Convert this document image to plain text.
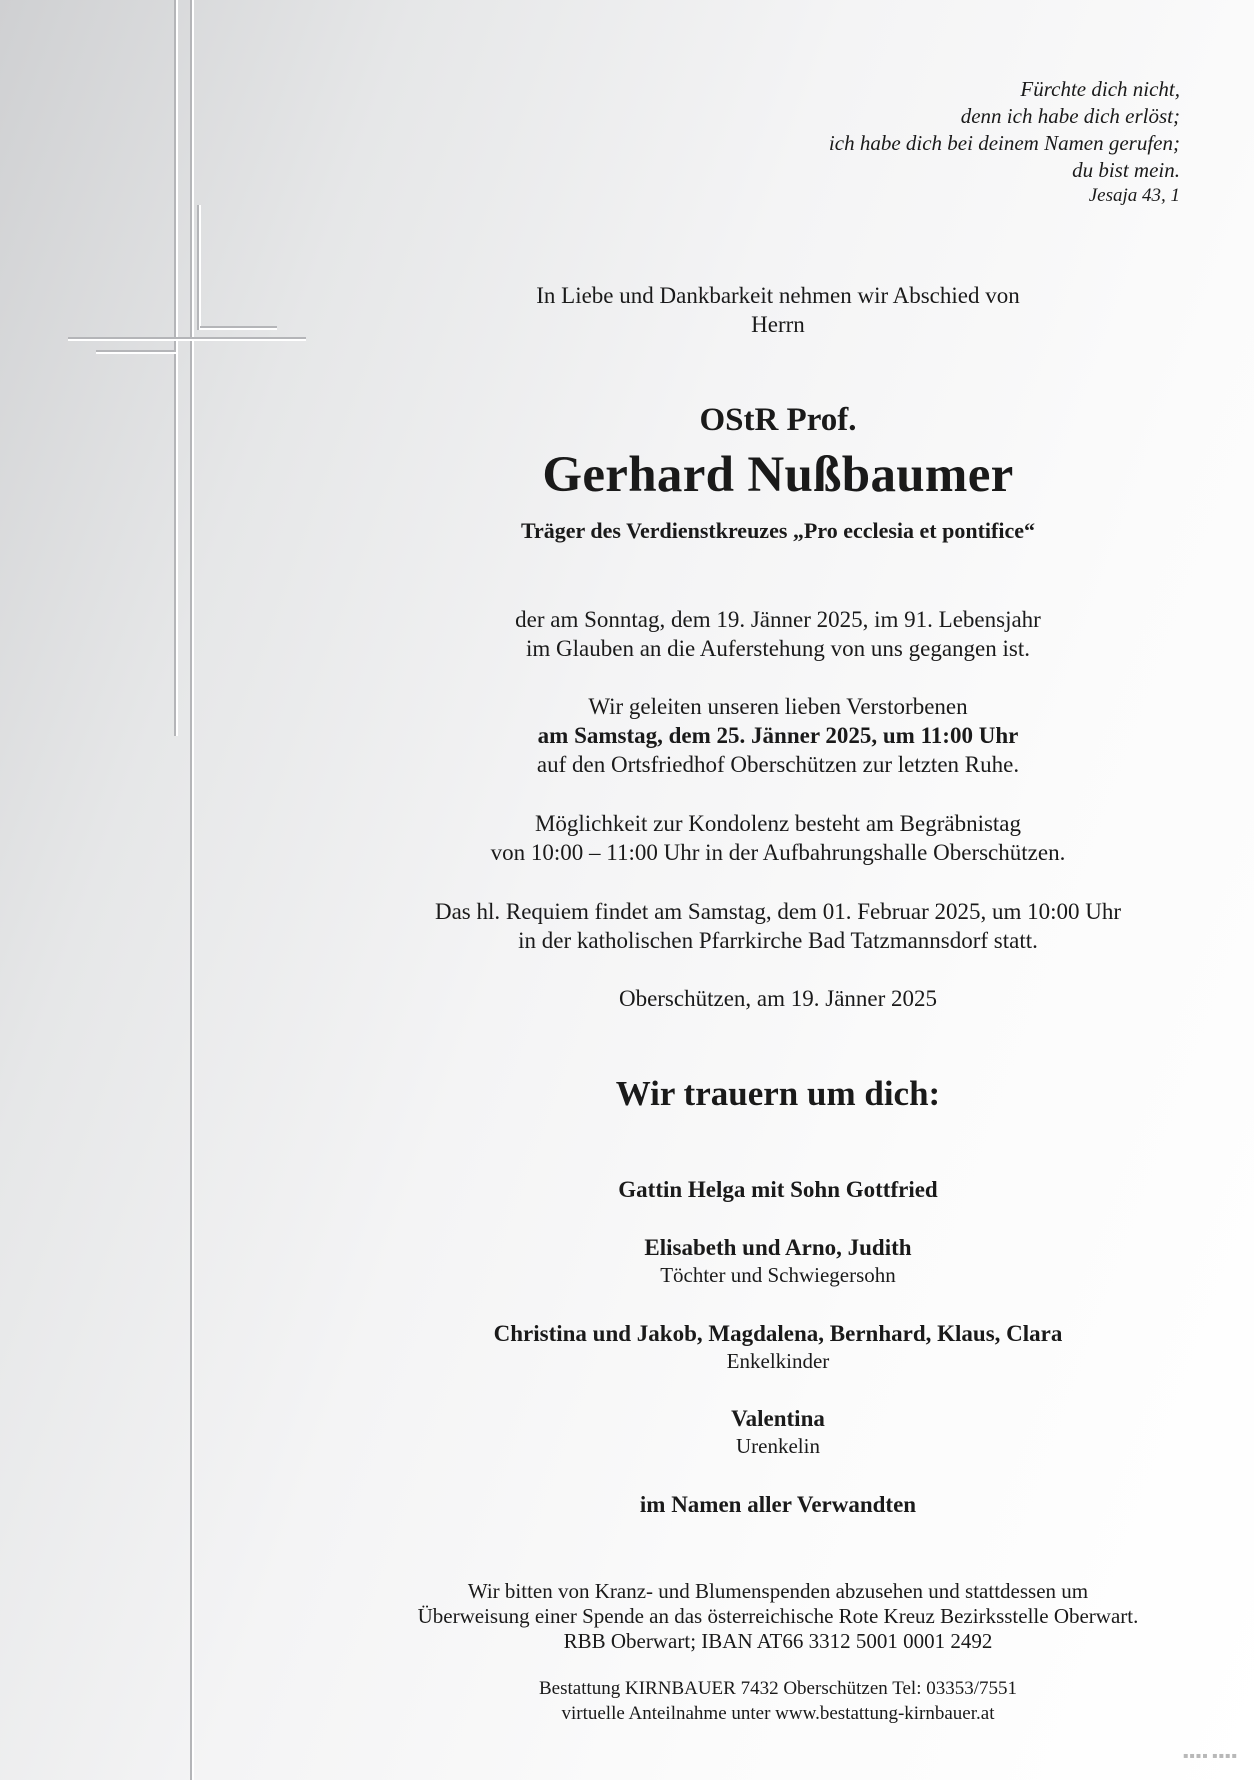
Fürchte dich nicht,
denn ich habe dich erlöst;
ich habe dich bei deinem Namen gerufen;
du bist mein.
Jesaja 43, 1
In Liebe und Dankbarkeit nehmen wir Abschied von
Herrn
OStR Prof.
Gerhard Nußbaumer
Träger des Verdienstkreuzes „Pro ecclesia et pontifice“
der am Sonntag, dem 19. Jänner 2025, im 91. Lebensjahr
im Glauben an die Auferstehung von uns gegangen ist.
Wir geleiten unseren lieben Verstorbenen
am Samstag, dem 25. Jänner 2025, um 11:00 Uhr
auf den Ortsfriedhof Oberschützen zur letzten Ruhe.
Möglichkeit zur Kondolenz besteht am Begräbnistag
von 10:00 – 11:00 Uhr in der Aufbahrungshalle Oberschützen.
Das hl. Requiem findet am Samstag, dem 01. Februar 2025, um 10:00 Uhr
in der katholischen Pfarrkirche Bad Tatzmannsdorf statt.
Oberschützen, am 19. Jänner 2025
Wir trauern um dich:
Gattin Helga mit Sohn Gottfried
Elisabeth und Arno, Judith
Töchter und Schwiegersohn
Christina und Jakob, Magdalena, Bernhard, Klaus, Clara
Enkelkinder
Valentina
Urenkelin
im Namen aller Verwandten
Wir bitten von Kranz- und Blumenspenden abzusehen und stattdessen um
Überweisung einer Spende an das österreichische Rote Kreuz Bezirksstelle Oberwart.
RBB Oberwart; IBAN AT66 3312 5001 0001 2492
Bestattung KIRNBAUER 7432 Oberschützen Tel: 03353/7551
virtuelle Anteilnahme unter www.bestattung-kirnbauer.at
▪▪▪▪ ▪▪▪▪
